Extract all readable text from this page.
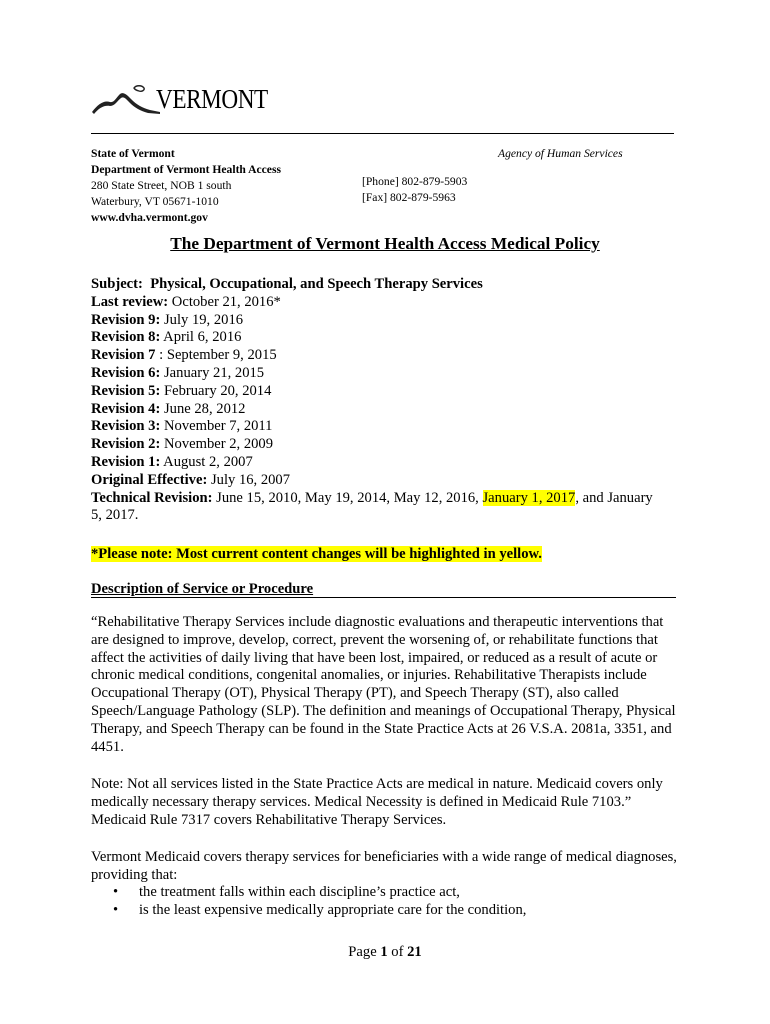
VERMONT
State of Vermont
Department of Vermont Health Access
280 State Street, NOB 1 south
Waterbury, VT 05671-1010
www.dvha.vermont.gov
Agency of Human Services
[Phone] 802-879-5903
[Fax] 802-879-5963
The Department of Vermont Health Access Medical Policy
Subject: Physical, Occupational, and Speech Therapy Services
Last review: October 21, 2016*
Revision 9: July 19, 2016
Revision 8: April 6, 2016
Revision 7 : September 9, 2015
Revision 6: January 21, 2015
Revision 5: February 20, 2014
Revision 4: June 28, 2012
Revision 3: November 7, 2011
Revision 2: November 2, 2009
Revision 1: August 2, 2007
Original Effective: July 16, 2007
Technical Revision: June 15, 2010, May 19, 2014, May 12, 2016, January 1, 2017, and January
5, 2017.
*Please note: Most current content changes will be highlighted in yellow.
Description of Service or Procedure
“Rehabilitative Therapy Services include diagnostic evaluations and therapeutic interventions that are designed to improve, develop, correct, prevent the worsening of, or rehabilitate functions that affect the activities of daily living that have been lost, impaired, or reduced as a result of acute or chronic medical conditions, congenital anomalies, or injuries. Rehabilitative Therapists include Occupational Therapy (OT), Physical Therapy (PT), and Speech Therapy (ST), also called Speech/Language Pathology (SLP). The definition and meanings of Occupational Therapy, Physical Therapy, and Speech Therapy can be found in the State Practice Acts at 26 V.S.A. 2081a, 3351, and 4451.
Note: Not all services listed in the State Practice Acts are medical in nature. Medicaid covers only medically necessary therapy services. Medical Necessity is defined in Medicaid Rule 7103.” Medicaid Rule 7317 covers Rehabilitative Therapy Services.
Vermont Medicaid covers therapy services for beneficiaries with a wide range of medical diagnoses, providing that:
• the treatment falls within each discipline’s practice act,
• is the least expensive medically appropriate care for the condition,
Page 1 of 21
